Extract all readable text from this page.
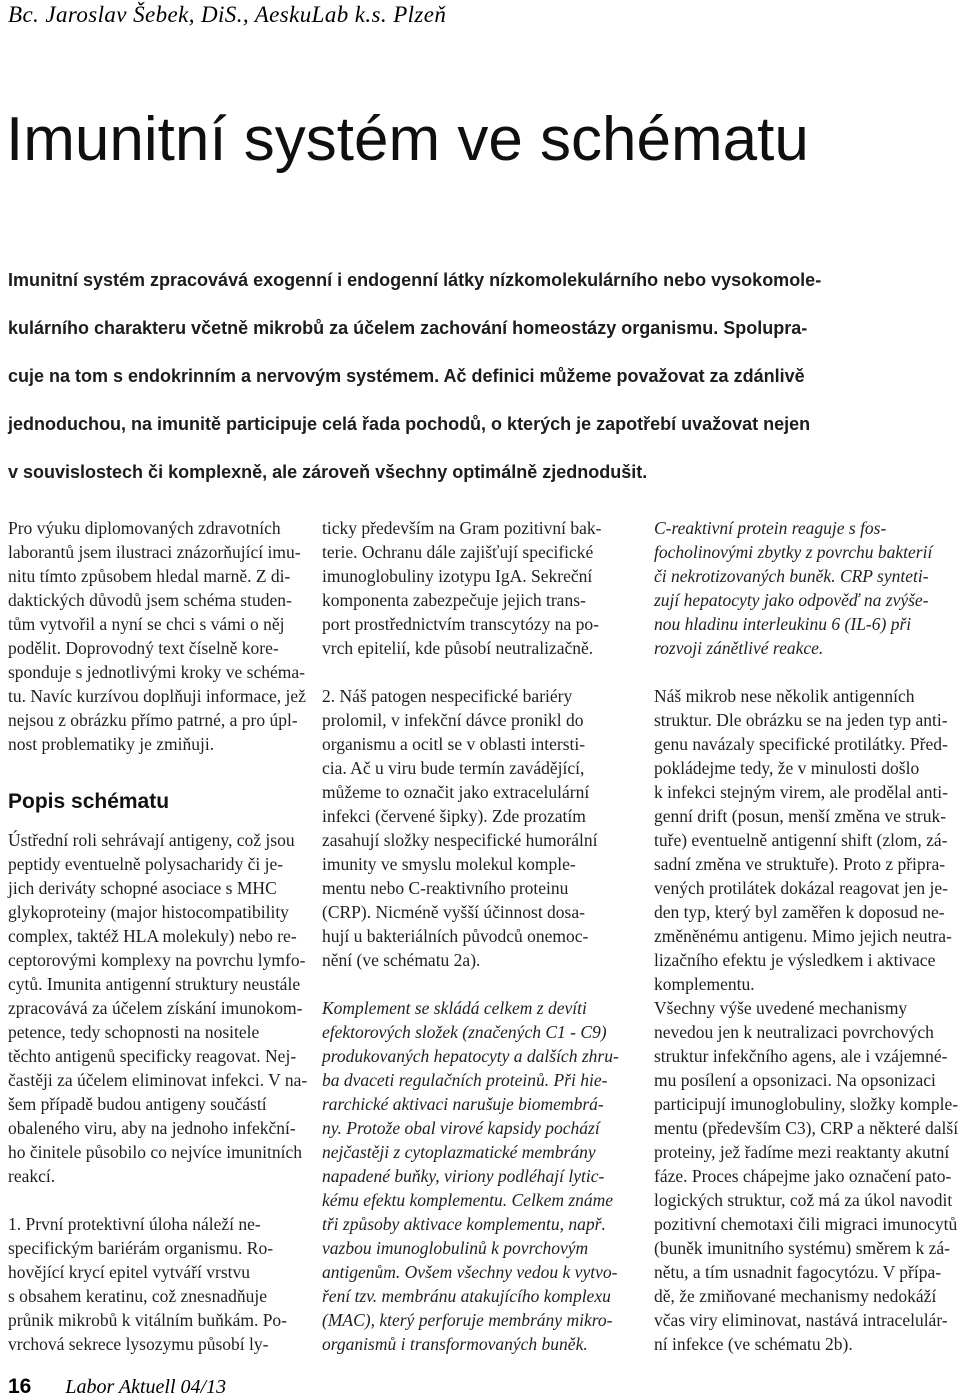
Bc. Jaroslav Šebek, DiS., AeskuLab k.s. Plzeň
Imunitní systém ve schématu

Imunitní systém zpracovává exogenní i endogenní látky nízkomolekulárního nebo vysokomole-

kulárního charakteru včetně mikrobů za účelem zachování homeostázy organismu. Spolupra-

cuje na tom s endokrinním a nervovým systémem. Ač definici můžeme považovat za zdánlivě

jednoduchou, na imunitě participuje celá řada pochodů, o kterých je zapotřebí uvažovat nejen

v souvislostech či komplexně, ale zároveň všechny optimálně zjednodušit.

Pro výuku diplomovaných zdravotních

laborantů jsem ilustraci znázorňující imu-

nitu tímto způsobem hledal marně. Z di-

daktických důvodů jsem schéma studen-

tům vytvořil a nyní se chci s vámi o něj

podělit. Doprovodný text číselně kore-

sponduje s jednotlivými kroky ve schéma-

tu. Navíc kurzívou doplňuji informace, jež

nejsou z obrázku přímo patrné, a pro úpl-

nost problematiky je zmiňuji.

Popis schématu

Ústřední roli sehrávají antigeny, což jsou

peptidy eventuelně polysacharidy či je-

jich deriváty schopné asociace s MHC

glykoproteiny (major histocompatibility

complex, taktéž HLA molekuly) nebo re-

ceptorovými komplexy na povrchu lymfo-

cytů. Imunita antigenní struktury neustále

zpracovává za účelem získání imunokom-

petence, tedy schopnosti na nositele

těchto antigenů specificky reagovat. Nej-

častěji za účelem eliminovat infekci. V na-

šem případě budou antigeny součástí

obaleného viru, aby na jednoho infekční-

ho činitele působilo co nejvíce imunitních

reakcí.

1. První protektivní úloha náleží ne-

specifickým bariérám organismu. Ro-

hovějící krycí epitel vytváří vrstvu

s obsahem keratinu, což znesnadňuje

průnik mikrobů k vitálním buňkám. Po-

vrchová sekrece lysozymu působí ly-

ticky především na Gram pozitivní bak-

terie. Ochranu dále zajišťují specifické

imunoglobuliny izotypu IgA. Sekreční

komponenta zabezpečuje jejich trans-

port prostřednictvím transcytózy na po-

vrch epitelií, kde působí neutralizačně.

2. Náš patogen nespecifické bariéry

prolomil, v infekční dávce pronikl do

organismu a ocitl se v oblasti intersti-

cia. Ač u viru bude termín zavádějící,

můžeme to označit jako extracelulární

infekci (červené šipky). Zde prozatím

zasahují složky nespecifické humorální

imunity ve smyslu molekul komple-

mentu nebo C-reaktivního proteinu

(CRP). Nicméně vyšší účinnost dosa-

hují u bakteriálních původců onemoc-

nění (ve schématu 2a).

Komplement se skládá celkem z devíti

efektorových složek (značených C1 - C9)

produkovaných hepatocyty a dalších zhru-

ba dvaceti regulačních proteinů. Při hie-

rarchické aktivaci narušuje biomembrá-

ny. Protože obal virové kapsidy pochází

nejčastěji z cytoplazmatické membrány

napadené buňky, viriony podléhají lytic-

kému efektu komplementu. Celkem známe

tři způsoby aktivace komplementu, např.

vazbou imunoglobulinů k povrchovým

antigenům. Ovšem všechny vedou k vytvo-

ření tzv. membránu atakujícího komplexu

(MAC), který perforuje membrány mikro-

organismů i transformovaných buněk.

C-reaktivní protein reaguje s fos-

focholinovými zbytky z povrchu bakterií

či nekrotizovaných buněk. CRP synteti-

zují hepatocyty jako odpověď na zvýše-

nou hladinu interleukinu 6 (IL-6) při

rozvoji zánětlivé reakce.

Náš mikrob nese několik antigenních

struktur. Dle obrázku se na jeden typ anti-

genu navázaly specifické protilátky. Před-

pokládejme tedy, že v minulosti došlo

k infekci stejným virem, ale prodělal anti-

genní drift (posun, menší změna ve struk-

tuře) eventuelně antigenní shift (zlom, zá-

sadní změna ve struktuře). Proto z připra-

vených protilátek dokázal reagovat jen je-

den typ, který byl zaměřen k doposud ne-

změněnému antigenu. Mimo jejich neutra-

lizačního efektu je výsledkem i aktivace

komplementu.

Všechny výše uvedené mechanismy

nevedou jen k neutralizaci povrchových

struktur infekčního agens, ale i vzájemné-

mu posílení a opsonizaci. Na opsonizaci

participují imunoglobuliny, složky komple-

mentu (především C3), CRP a některé další

proteiny, jež řadíme mezi reaktanty akutní

fáze. Proces chápejme jako označení pato-

logických struktur, což má za úkol navodit

pozitivní chemotaxi čili migraci imunocytů

(buněk imunitního systému) směrem k zá-

nětu, a tím usnadnit fagocytózu. V přípa-

dě, že zmiňované mechanismy nedokáží

včas viry eliminovat, nastává intracelulár-

ní infekce (ve schématu 2b).

16 Labor Aktuell 04/13
